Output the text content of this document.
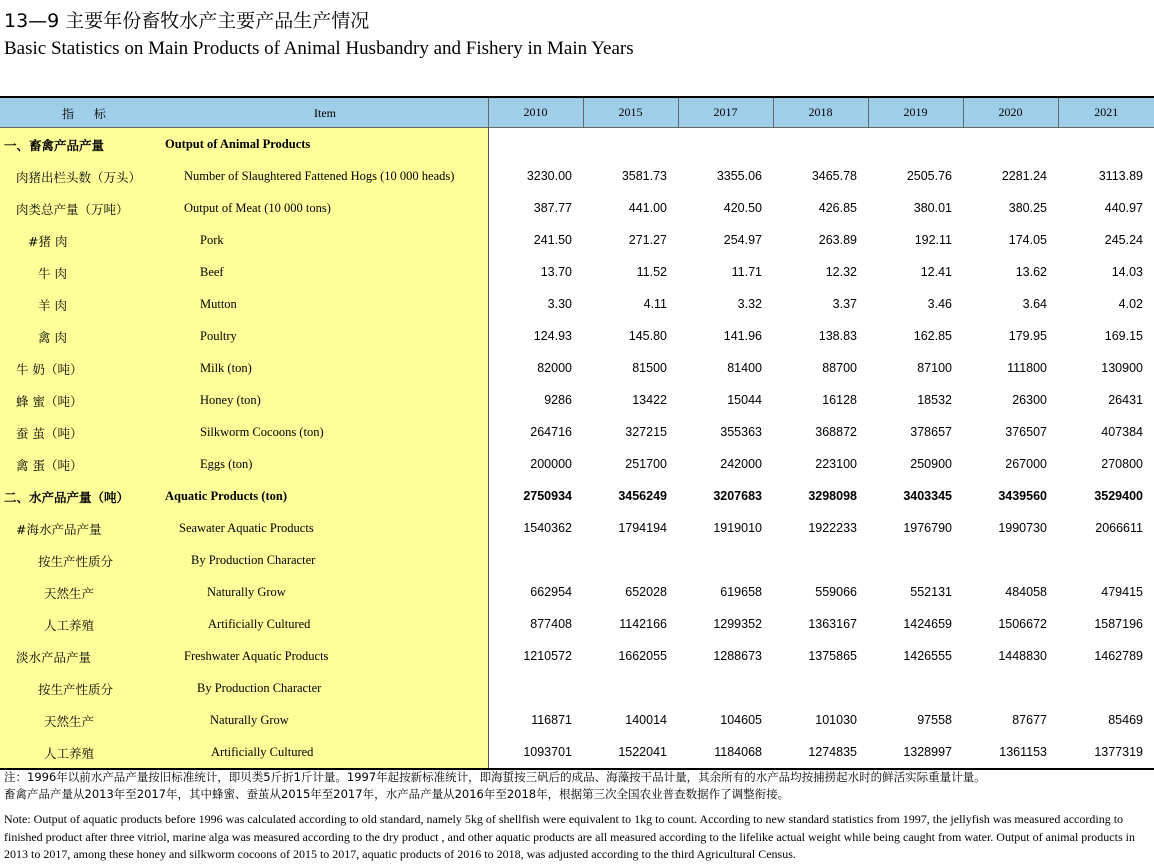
13—9 主要年份畜牧水产主要产品生产情况
Basic Statistics on Main Products of Animal Husbandry and Fishery in Main Years
指 标 Item	2010	2015	2017	2018	2019	2020	2021

一、畜禽产品产量 Output of Animal Products							

肉猪出栏头数（万头） Number of Slaughtered Fattened Hogs (10 000 heads)	3230.00	3581.73	3355.06	3465.78	2505.76	2281.24	3113.89

肉类总产量（万吨） Output of Meat (10 000 tons)	387.77	441.00	420.50	426.85	380.01	380.25	440.97

#猪 肉 Pork	241.50	271.27	254.97	263.89	192.11	174.05	245.24

牛 肉 Beef	13.70	11.52	11.71	12.32	12.41	13.62	14.03

羊 肉 Mutton	3.30	4.11	3.32	3.37	3.46	3.64	4.02

禽 肉 Poultry	124.93	145.80	141.96	138.83	162.85	179.95	169.15

牛 奶（吨） Milk (ton)	82000	81500	81400	88700	87100	111800	130900

蜂 蜜（吨） Honey (ton)	9286	13422	15044	16128	18532	26300	26431

蚕 茧（吨） Silkworm Cocoons (ton)	264716	327215	355363	368872	378657	376507	407384

禽 蛋（吨） Eggs (ton)	200000	251700	242000	223100	250900	267000	270800

二、水产品产量（吨） Aquatic Products (ton)	2750934	3456249	3207683	3298098	3403345	3439560	3529400

#海水产品产量 Seawater Aquatic Products	1540362	1794194	1919010	1922233	1976790	1990730	2066611

按生产性质分 By Production Character							

天然生产 Naturally Grow	662954	652028	619658	559066	552131	484058	479415

人工养殖 Artificially Cultured	877408	1142166	1299352	1363167	1424659	1506672	1587196

淡水产品产量 Freshwater Aquatic Products	1210572	1662055	1288673	1375865	1426555	1448830	1462789

按生产性质分 By Production Character							

天然生产 Naturally Grow	116871	140014	104605	101030	97558	87677	85469

人工养殖 Artificially Cultured	1093701	1522041	1184068	1274835	1328997	1361153	1377319
注：1996年以前水产品产量按旧标准统计，即贝类5斤折1斤计量。1997年起按新标准统计，即海蜇按三矾后的成品、海藻按干品计量，其余所有的水产品均按捕捞起水时的鲜活实际重量计量。
畜禽产品产量从2013年至2017年，其中蜂蜜、蚕茧从2015年至2017年，水产品产量从2016年至2018年，根据第三次全国农业普查数据作了调整衔接。
Note: Output of aquatic products before 1996 was calculated according to old standard, namely 5kg of shellfish were equivalent to 1kg to count. According to new standard statistics from 1997, the jellyfish was measured according to finished product after three vitriol, marine alga was measured according to the dry product , and other aquatic products are all measured according to the lifelike actual weight while being caught from water. Output of animal products in 2013 to 2017, among these honey and silkworm cocoons of 2015 to 2017, aquatic products of 2016 to 2018, was adjusted according to the third Agricultural Census.
